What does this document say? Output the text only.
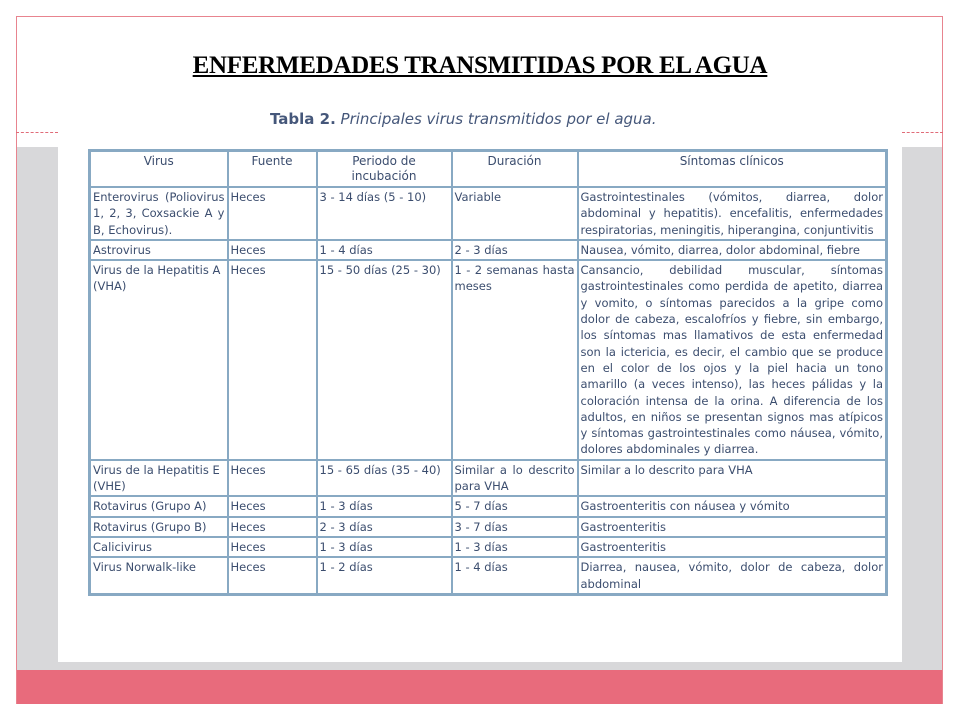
ENFERMEDADES TRANSMITIDAS POR EL AGUA
Tabla 2. Principales virus transmitidos por el agua.
Virus	Fuente	Periodo de incubación	Duración	Síntomas clínicos
Enterovirus (Poliovirus 1, 2, 3, Coxsackie A y B, Echovirus).	Heces	3 - 14 días (5 - 10)	Variable	Gastrointestinales (vómitos, diarrea, dolor abdominal y hepatitis). encefalitis, enfermedades respiratorias, meningitis, hiperangina, conjuntivitis
Astrovirus	Heces	1 - 4 días	2 - 3 días	Nausea, vómito, diarrea, dolor abdominal, fiebre
Virus de la Hepatitis A (VHA)	Heces	15 - 50 días (25 - 30)	1 - 2 semanas hasta meses	Cansancio, debilidad muscular, síntomas gastrointestinales como perdida de apetito, diarrea y vomito, o síntomas parecidos a la gripe como dolor de cabeza, escalofríos y fiebre, sin embargo, los síntomas mas llamativos de esta enfermedad son la ictericia, es decir, el cambio que se produce en el color de los ojos y la piel hacia un tono amarillo (a veces intenso), las heces pálidas y la coloración intensa de la orina. A diferencia de los adultos, en niños se presentan signos mas atípicos y síntomas gastrointestinales como náusea, vómito, dolores abdominales y diarrea.
Virus de la Hepatitis E (VHE)	Heces	15 - 65 días (35 - 40)	Similar a lo descrito para VHA	Similar a lo descrito para VHA
Rotavirus (Grupo A)	Heces	1 - 3 días	5 - 7 días	Gastroenteritis con náusea y vómito
Rotavirus (Grupo B)	Heces	2 - 3 días	3 - 7 días	Gastroenteritis
Calicivirus	Heces	1 - 3 días	1 - 3 días	Gastroenteritis
Virus Norwalk-like	Heces	1 - 2 días	1 - 4 días	Diarrea, nausea, vómito, dolor de cabeza, dolor abdominal
